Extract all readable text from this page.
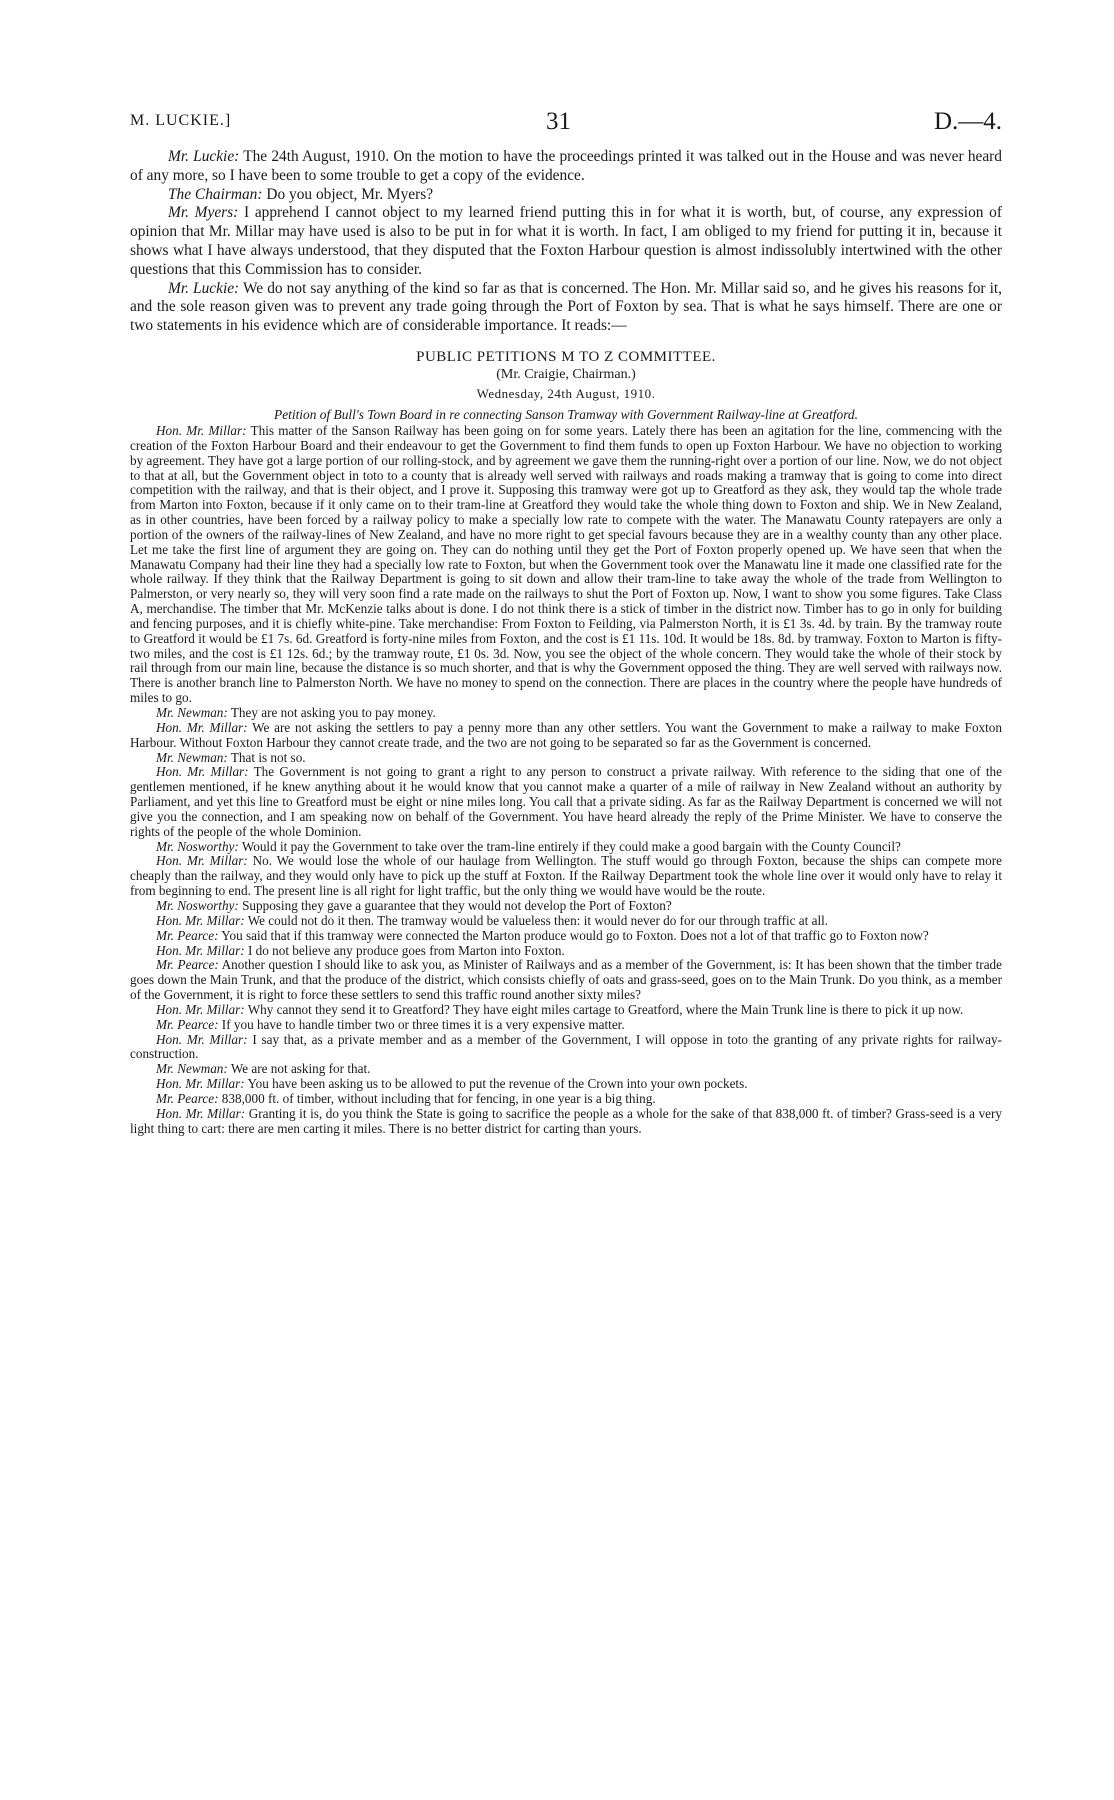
M. LUCKIE.]	31	D.—4.

Mr. Luckie: The 24th August, 1910. On the motion to have the proceedings printed it was talked out in the House and was never heard of any more, so I have been to some trouble to get a copy of the evidence.

The Chairman: Do you object, Mr. Myers?

Mr. Myers: I apprehend I cannot object to my learned friend putting this in for what it is worth, but, of course, any expression of opinion that Mr. Millar may have used is also to be put in for what it is worth. In fact, I am obliged to my friend for putting it in, because it shows what I have always understood, that they disputed that the Foxton Harbour question is almost indissolubly intertwined with the other questions that this Commission has to consider.

Mr. Luckie: We do not say anything of the kind so far as that is concerned. The Hon. Mr. Millar said so, and he gives his reasons for it, and the sole reason given was to prevent any trade going through the Port of Foxton by sea. That is what he says himself. There are one or two statements in his evidence which are of considerable importance. It reads:—

PUBLIC PETITIONS M TO Z COMMITTEE.
(Mr. Craigie, Chairman.)
Wednesday, 24th August, 1910.
Petition of Bull's Town Board in re connecting Sanson Tramway with Government Railway-line at Greatford.

Hon. Mr. Millar: This matter of the Sanson Railway has been going on for some years. Lately there has been an agitation for the line, commencing with the creation of the Foxton Harbour Board and their endeavour to get the Government to find them funds to open up Foxton Harbour. We have no objection to working by agreement. They have got a large portion of our rolling-stock, and by agreement we gave them the running-right over a portion of our line. Now, we do not object to that at all, but the Government object in toto to a county that is already well served with railways and roads making a tramway that is going to come into direct competition with the railway, and that is their object, and I prove it. Supposing this tramway were got up to Greatford as they ask, they would tap the whole trade from Marton into Foxton, because if it only came on to their tram-line at Greatford they would take the whole thing down to Foxton and ship. We in New Zealand, as in other countries, have been forced by a railway policy to make a specially low rate to compete with the water. The Manawatu County ratepayers are only a portion of the owners of the railway-lines of New Zealand, and have no more right to get special favours because they are in a wealthy county than any other place. Let me take the first line of argument they are going on. They can do nothing until they get the Port of Foxton properly opened up. We have seen that when the Manawatu Company had their line they had a specially low rate to Foxton, but when the Government took over the Manawatu line it made one classified rate for the whole railway. If they think that the Railway Department is going to sit down and allow their tram-line to take away the whole of the trade from Wellington to Palmerston, or very nearly so, they will very soon find a rate made on the railways to shut the Port of Foxton up. Now, I want to show you some figures. Take Class A, merchandise. The timber that Mr. McKenzie talks about is done. I do not think there is a stick of timber in the district now. Timber has to go in only for building and fencing purposes, and it is chiefly white-pine. Take merchandise: From Foxton to Feilding, via Palmerston North, it is £1 3s. 4d. by train. By the tramway route to Greatford it would be £1 7s. 6d. Greatford is forty-nine miles from Foxton, and the cost is £1 11s. 10d. It would be 18s. 8d. by tramway. Foxton to Marton is fifty-two miles, and the cost is £1 12s. 6d.; by the tramway route, £1 0s. 3d. Now, you see the object of the whole concern. They would take the whole of their stock by rail through from our main line, because the distance is so much shorter, and that is why the Government opposed the thing. They are well served with railways now. There is another branch line to Palmerston North. We have no money to spend on the connection. There are places in the country where the people have hundreds of miles to go.

Mr. Newman: They are not asking you to pay money.

Hon. Mr. Millar: We are not asking the settlers to pay a penny more than any other settlers. You want the Government to make a railway to make Foxton Harbour. Without Foxton Harbour they cannot create trade, and the two are not going to be separated so far as the Government is concerned.

Mr. Newman: That is not so.

Hon. Mr. Millar: The Government is not going to grant a right to any person to construct a private railway. With reference to the siding that one of the gentlemen mentioned, if he knew anything about it he would know that you cannot make a quarter of a mile of railway in New Zealand without an authority by Parliament, and yet this line to Greatford must be eight or nine miles long. You call that a private siding. As far as the Railway Department is concerned we will not give you the connection, and I am speaking now on behalf of the Government. You have heard already the reply of the Prime Minister. We have to conserve the rights of the people of the whole Dominion.

Mr. Nosworthy: Would it pay the Government to take over the tram-line entirely if they could make a good bargain with the County Council?

Hon. Mr. Millar: No. We would lose the whole of our haulage from Wellington. The stuff would go through Foxton, because the ships can compete more cheaply than the railway, and they would only have to pick up the stuff at Foxton. If the Railway Department took the whole line over it would only have to relay it from beginning to end. The present line is all right for light traffic, but the only thing we would have would be the route.

Mr. Nosworthy: Supposing they gave a guarantee that they would not develop the Port of Foxton?

Hon. Mr. Millar: We could not do it then. The tramway would be valueless then: it would never do for our through traffic at all.

Mr. Pearce: You said that if this tramway were connected the Marton produce would go to Foxton. Does not a lot of that traffic go to Foxton now?

Hon. Mr. Millar: I do not believe any produce goes from Marton into Foxton.

Mr. Pearce: Another question I should like to ask you, as Minister of Railways and as a member of the Government, is: It has been shown that the timber trade goes down the Main Trunk, and that the produce of the district, which consists chiefly of oats and grass-seed, goes on to the Main Trunk. Do you think, as a member of the Government, it is right to force these settlers to send this traffic round another sixty miles?

Hon. Mr. Millar: Why cannot they send it to Greatford? They have eight miles cartage to Greatford, where the Main Trunk line is there to pick it up now.

Mr. Pearce: If you have to handle timber two or three times it is a very expensive matter.

Hon. Mr. Millar: I say that, as a private member and as a member of the Government, I will oppose in toto the granting of any private rights for railway-construction.

Mr. Newman: We are not asking for that.

Hon. Mr. Millar: You have been asking us to be allowed to put the revenue of the Crown into your own pockets.

Mr. Pearce: 838,000 ft. of timber, without including that for fencing, in one year is a big thing.

Hon. Mr. Millar: Granting it is, do you think the State is going to sacrifice the people as a whole for the sake of that 838,000 ft. of timber? Grass-seed is a very light thing to cart: there are men carting it miles. There is no better district for carting than yours.
